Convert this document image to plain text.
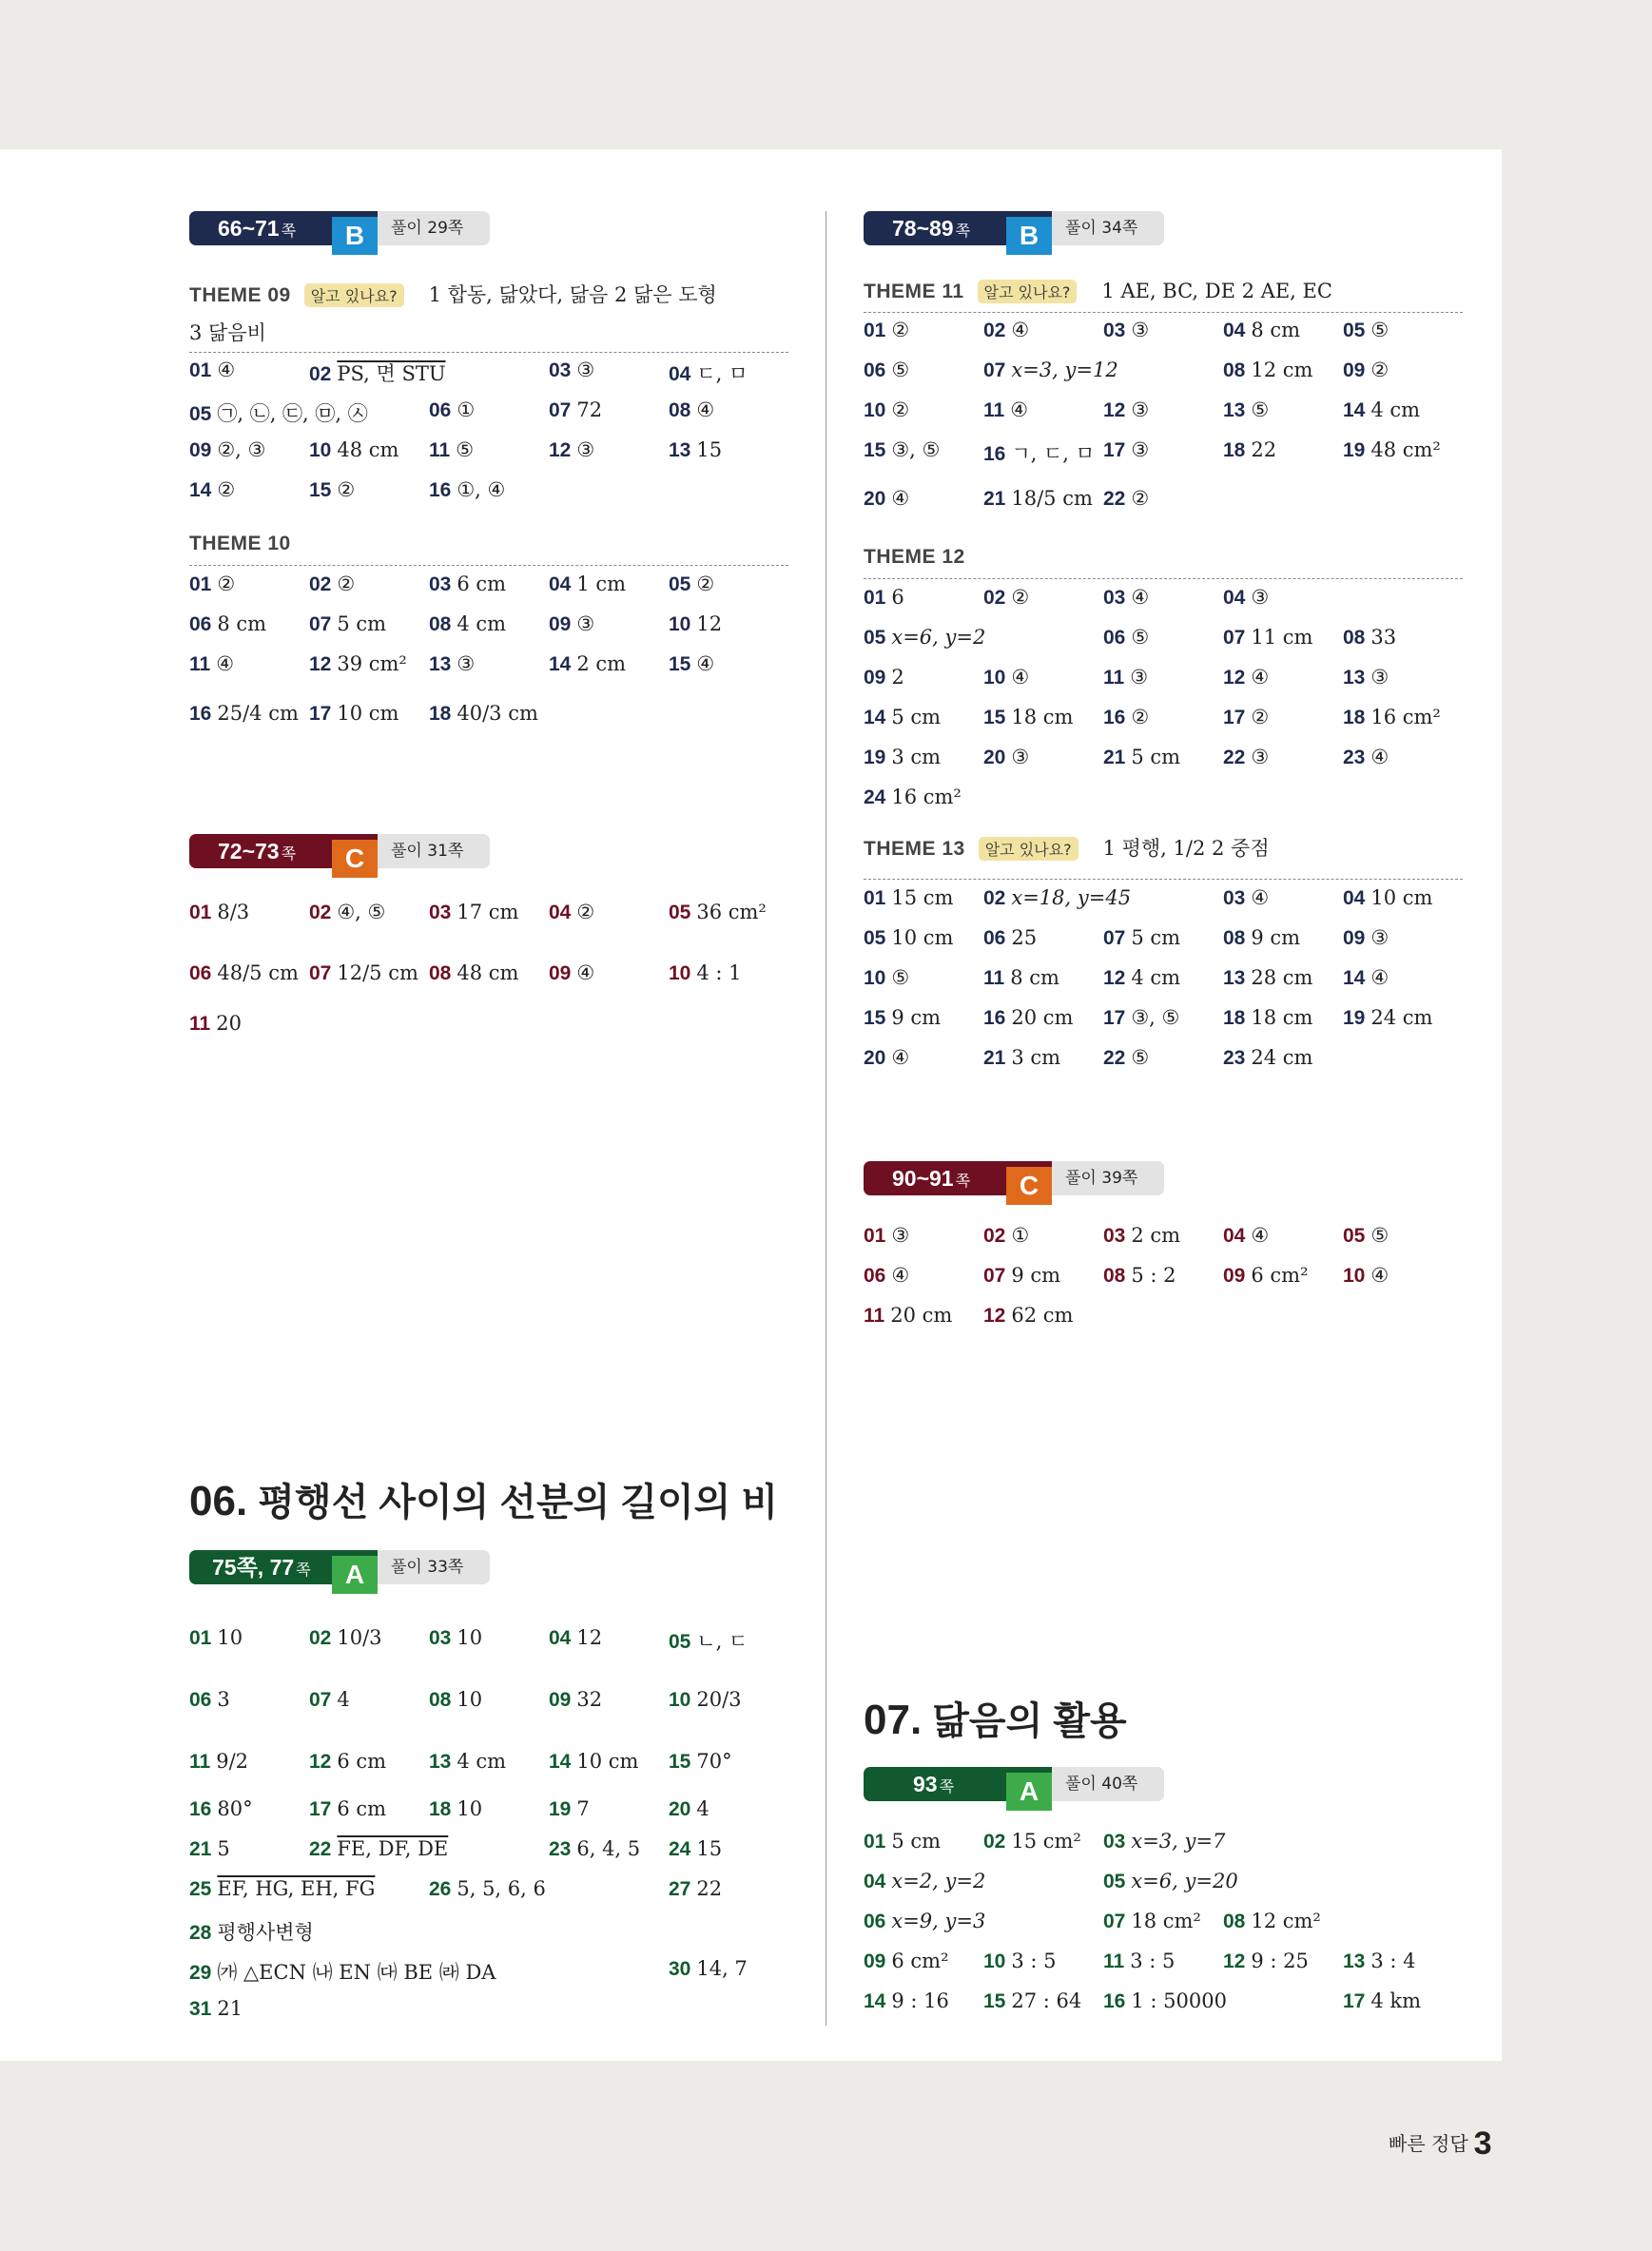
66~71 쪽	B	풀이 29쪽
THEME 09 알고 있나요? 1 합동, 닮았다, 닮음 2 닮은 도형
3 닮음비
01 ④	02 PS, 면 STU	03 ③	04 ㄷ, ㅁ
05 ㉠, ㉡, ㉢, ㉤, ㉦	06 ①	07 72	08 ④
09 ②, ③ 10 48 cm 11 ⑤	12 ③	13 15
14 ②	15 ②	16 ①, ④
THEME 10
01 ②	02 ②	03 6 cm 04 1 cm 05 ②
06 8 cm 07 5 cm 08 4 cm 09 ③	10 12
11 ④	12 39 cm² 13 ③	14 2 cm 15 ④
16 25/4 cm 17 10 cm 18 40/3 cm
72~73 쪽	C	풀이 31쪽
01 8/3	02 ④, ⑤ 03 17 cm 04 ②	05 36 cm²
06 48/5 cm 07 12/5 cm 08 48 cm 09 ④	10 4 : 1
11 20
06. 평행선 사이의 선분의 길이의 비
75쪽, 77 쪽	A	풀이 33쪽
01 10	02 10/3 03 10	04 12	05 ㄴ, ㄷ
06 3	07 4	08 10	09 32	10 20/3
11 9/2	12 6 cm 13 4 cm 14 10 cm 15 70°
16 80°	17 6 cm 18 10	19 7	20 4
21 5	22 FE, DF, DE	23 6, 4, 5 24 15
25 EF, HG, EH, FG	26 5, 5, 6, 6	27 22
28 평행사변형
29 ㈎ △ECN ㈏ EN ㈐ BE ㈑ DA	30 14, 7
31 21
78~89 쪽	B	풀이 34쪽
THEME 11 알고 있나요? 1 AE, BC, DE 2 AE, EC
01 ②	02 ④	03 ③	04 8 cm 05 ⑤
06 ⑤	07 x=3, y=12	08 12 cm 09 ②
10 ②	11 ④	12 ③	13 ⑤	14 4 cm
15 ③, ⑤ 16 ㄱ, ㄷ, ㅁ 17 ③	18 22	19 48 cm²
20 ④	21 18/5 cm 22 ②
THEME 12
01 6	02 ②	03 ④	04 ③
05 x=6, y=2	06 ⑤	07 11 cm 08 33
09 2	10 ④	11 ③	12 ④	13 ③
14 5 cm 15 18 cm 16 ②	17 ②	18 16 cm²
19 3 cm 20 ③	21 5 cm 22 ③	23 ④
24 16 cm²
THEME 13 알고 있나요? 1 평행, 1/2 2 중점
01 15 cm 02 x=18, y=45	03 ④	04 10 cm
05 10 cm 06 25	07 5 cm 08 9 cm 09 ③
10 ⑤	11 8 cm 12 4 cm 13 28 cm 14 ④
15 9 cm 16 20 cm 17 ③, ⑤ 18 18 cm 19 24 cm
20 ④	21 3 cm 22 ⑤	23 24 cm
90~91 쪽	C	풀이 39쪽
01 ③	02 ①	03 2 cm 04 ④	05 ⑤
06 ④	07 9 cm 08 5 : 2 09 6 cm² 10 ④
11 20 cm 12 62 cm
07. 닮음의 활용
93 쪽	A	풀이 40쪽
01 5 cm 02 15 cm² 03 x=3, y=7
04 x=2, y=2	05 x=6, y=20
06 x=9, y=3	07 18 cm² 08 12 cm²
09 6 cm² 10 3 : 5 11 3 : 5 12 9 : 25 13 3 : 4
14 9 : 16 15 27 : 64 16 1 : 50000	17 4 km
빠른 정답 3
